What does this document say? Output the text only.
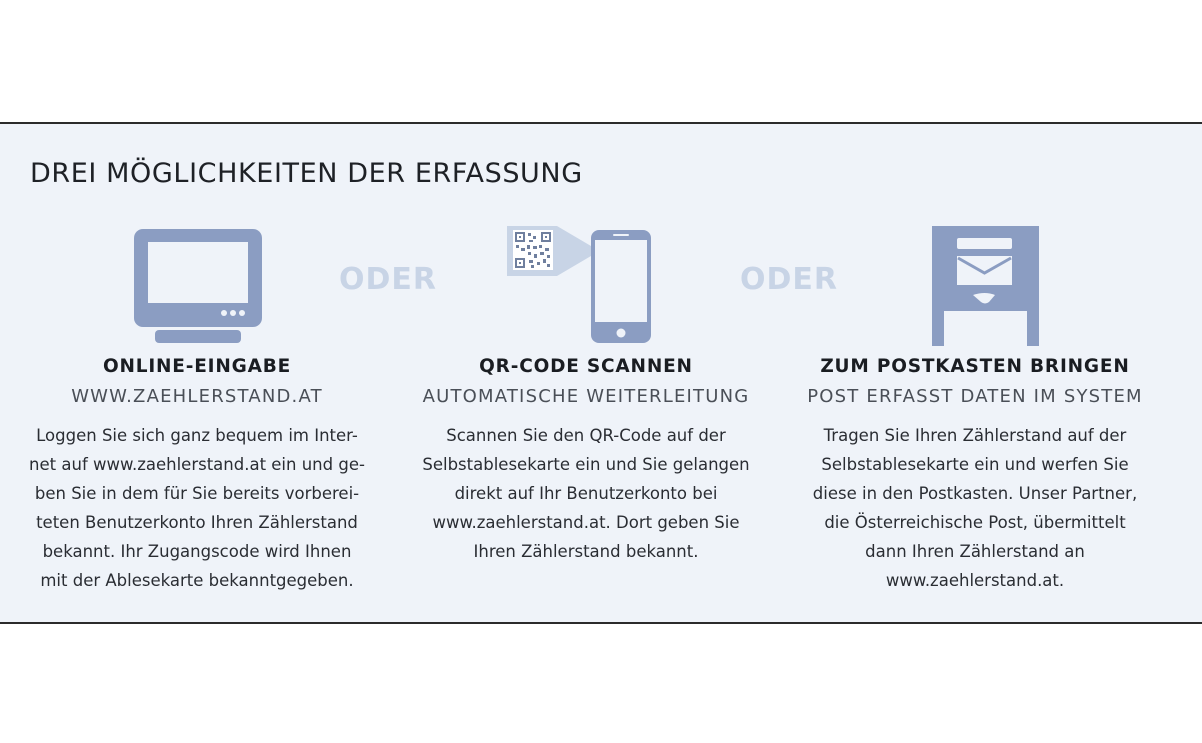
DREI MÖGLICHKEITEN DER ERFASSUNG
ODER	ODER
ONLINE-EINGABE
WWW.ZAEHLERSTAND.AT
Loggen Sie sich ganz bequem im Inter-
net auf www.zaehlerstand.at ein und ge-
ben Sie in dem für Sie bereits vorberei-
teten Benutzerkonto Ihren Zählerstand
bekannt. Ihr Zugangscode wird Ihnen
mit der Ablesekarte bekanntgegeben.
QR-CODE SCANNEN
AUTOMATISCHE WEITERLEITUNG
Scannen Sie den QR-Code auf der
Selbstablesekarte ein und Sie gelangen
direkt auf Ihr Benutzerkonto bei
www.zaehlerstand.at. Dort geben Sie
Ihren Zählerstand bekannt.
ZUM POSTKASTEN BRINGEN
POST ERFASST DATEN IM SYSTEM
Tragen Sie Ihren Zählerstand auf der
Selbstablesekarte ein und werfen Sie
diese in den Postkasten. Unser Partner,
die Österreichische Post, übermittelt
dann Ihren Zählerstand an
www.zaehlerstand.at.
